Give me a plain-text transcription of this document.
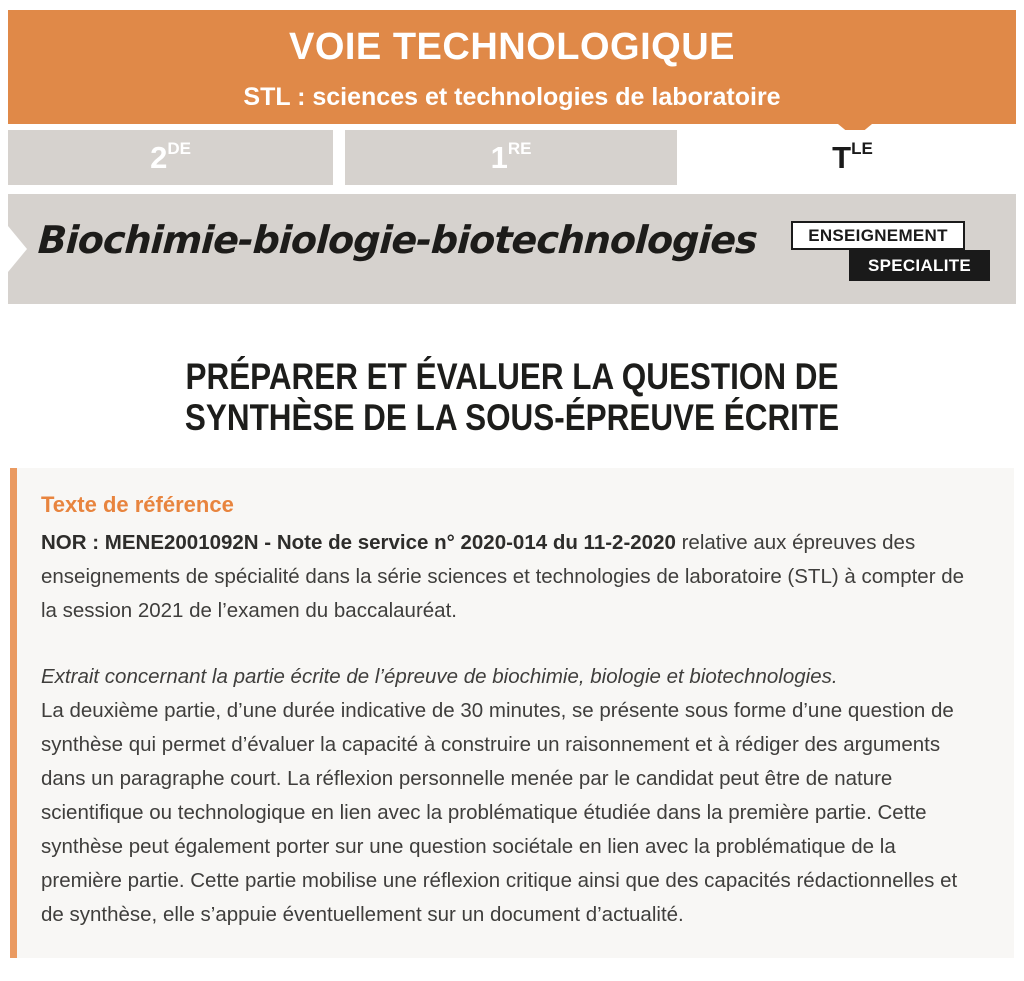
VOIE TECHNOLOGIQUE

STL : sciences et technologies de laboratoire

2 DE	1 RE	T LE
Biochimie-biologie-biotechnologies	ENSEIGNEMENT
SPECIALITE

PRÉPARER ET ÉVALUER LA QUESTION DE

SYNTHÈSE DE LA SOUS-ÉPREUVE ÉCRITE

Texte de référence

NOR : MENE2001092N - Note de service n° 2020-014 du 11-2-2020 relative aux épreuves des enseignements de spécialité dans la série sciences et technologies de laboratoire (STL) à compter de la session 2021 de l’examen du baccalauréat.

Extrait concernant la partie écrite de l’épreuve de biochimie, biologie et biotechnologies.
La deuxième partie, d’une durée indicative de 30 minutes, se présente sous forme d’une question de synthèse qui permet d’évaluer la capacité à construire un raisonnement et à rédiger des arguments dans un paragraphe court. La réflexion personnelle menée par le candidat peut être de nature scientifique ou technologique en lien avec la problématique étudiée dans la première partie. Cette synthèse peut également porter sur une question sociétale en lien avec la problématique de la première partie. Cette partie mobilise une réflexion critique ainsi que des capacités rédactionnelles et de synthèse, elle s’appuie éventuellement sur un document d’actualité.
